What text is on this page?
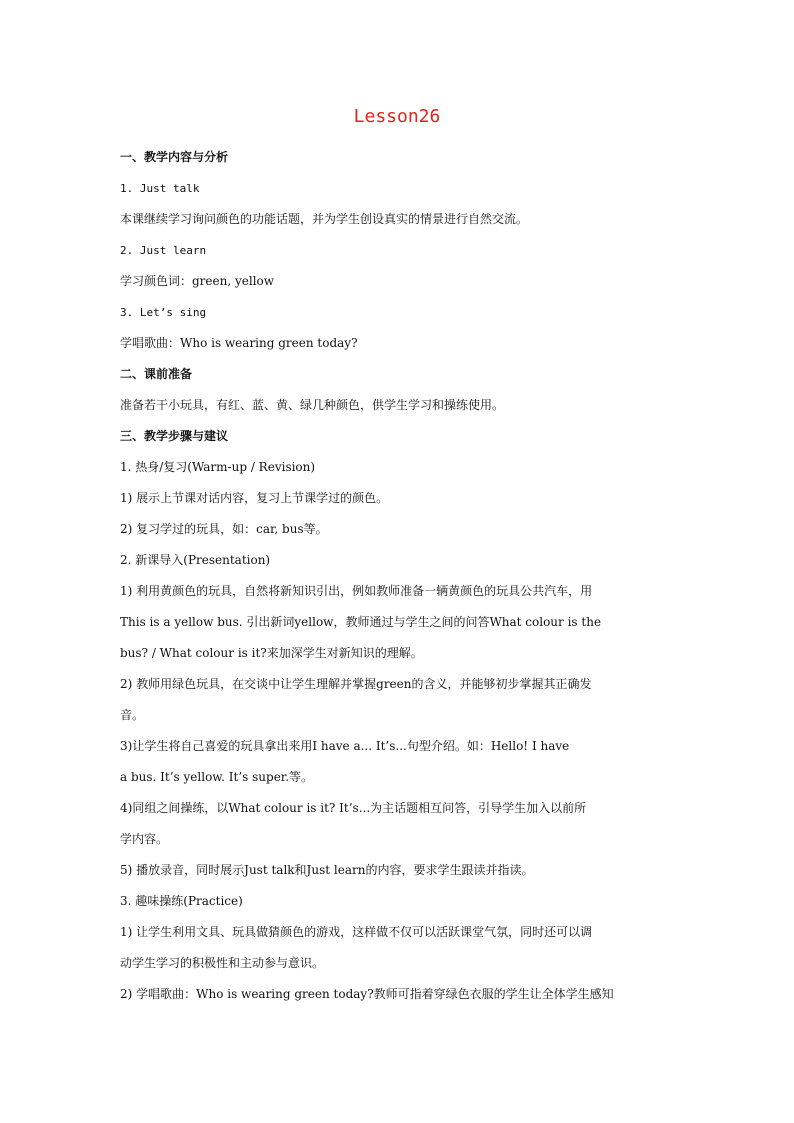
Lesson26
一、教学内容与分析
1. Just talk
本课继续学习询问颜色的功能话题，并为学生创设真实的情景进行自然交流。
2. Just learn
学习颜色词：green, yellow
3. Let’s sing
学唱歌曲：Who is wearing green today?
二、课前准备
准备若干小玩具，有红、蓝、黄、绿几种颜色，供学生学习和操练使用。
三、教学步骤与建议
1. 热身/复习(Warm-up / Revision)
1) 展示上节课对话内容，复习上节课学过的颜色。
2) 复习学过的玩具，如：car, bus等。
2. 新课导入(Presentation)
1) 利用黄颜色的玩具，自然将新知识引出，例如教师准备一辆黄颜色的玩具公共汽车，用
This is a yellow bus. 引出新词yellow，教师通过与学生之间的问答What colour is the
bus? / What colour is it?来加深学生对新知识的理解。
2) 教师用绿色玩具，在交谈中让学生理解并掌握green的含义，并能够初步掌握其正确发
音。
3)让学生将自己喜爱的玩具拿出来用I have a... It’s...句型介绍。如：Hello! I have
a bus. It’s yellow. It’s super.等。
4)同组之间操练，以What colour is it? It’s...为主话题相互问答，引导学生加入以前所
学内容。
5) 播放录音，同时展示Just talk和Just learn的内容，要求学生跟读并指读。
3. 趣味操练(Practice)
1) 让学生利用文具、玩具做猜颜色的游戏，这样做不仅可以活跃课堂气氛，同时还可以调
动学生学习的积极性和主动参与意识。
2) 学唱歌曲：Who is wearing green today?教师可指着穿绿色衣服的学生让全体学生感知
